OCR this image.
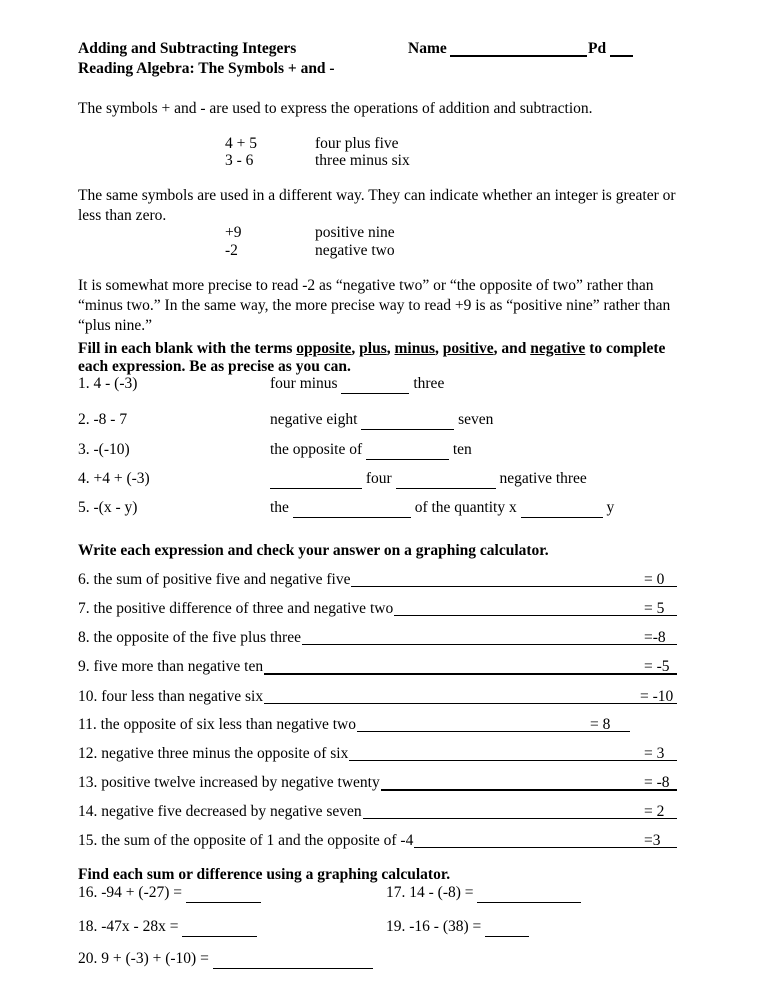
Adding and Subtracting Integers
Reading Algebra: The Symbols + and -
Name	Pd
The symbols + and - are used to express the operations of addition and subtraction.
4 + 5	four plus five
3 - 6	three minus six
The same symbols are used in a different way. They can indicate whether an integer is greater or less than zero.
+9	positive nine
-2	negative two
It is somewhat more precise to read -2 as “negative two” or “the opposite of two” rather than “minus two.” In the same way, the more precise way to read +9 is as “positive nine” rather than “plus nine.”
Fill in each blank with the terms opposite, plus, minus, positive, and negative to complete
each expression. Be as precise as you can.
1. 4 - (-3)	four minus	three
2. -8 - 7	negative eight	seven
3. -(-10)	the opposite of	ten
4. +4 + (-3)	four	negative three
5. -(x - y)	the	of the quantity x	y
Write each expression and check your answer on a graphing calculator.
6. the sum of positive five and negative five	= 0
7. the positive difference of three and negative two	= 5
8. the opposite of the five plus three	=-8
9. five more than negative ten	= -5
10. four less than negative six	= -10
11. the opposite of six less than negative two	= 8
12. negative three minus the opposite of six	= 3
13. positive twelve increased by negative twenty	= -8
14. negative five decreased by negative seven	= 2
15. the sum of the opposite of 1 and the opposite of -4	=3
Find each sum or difference using a graphing calculator.
16. -94 + (-27) =	17. 14 - (-8) =
18. -47x - 28x =	19. -16 - (38) =
20. 9 + (-3) + (-10) =
